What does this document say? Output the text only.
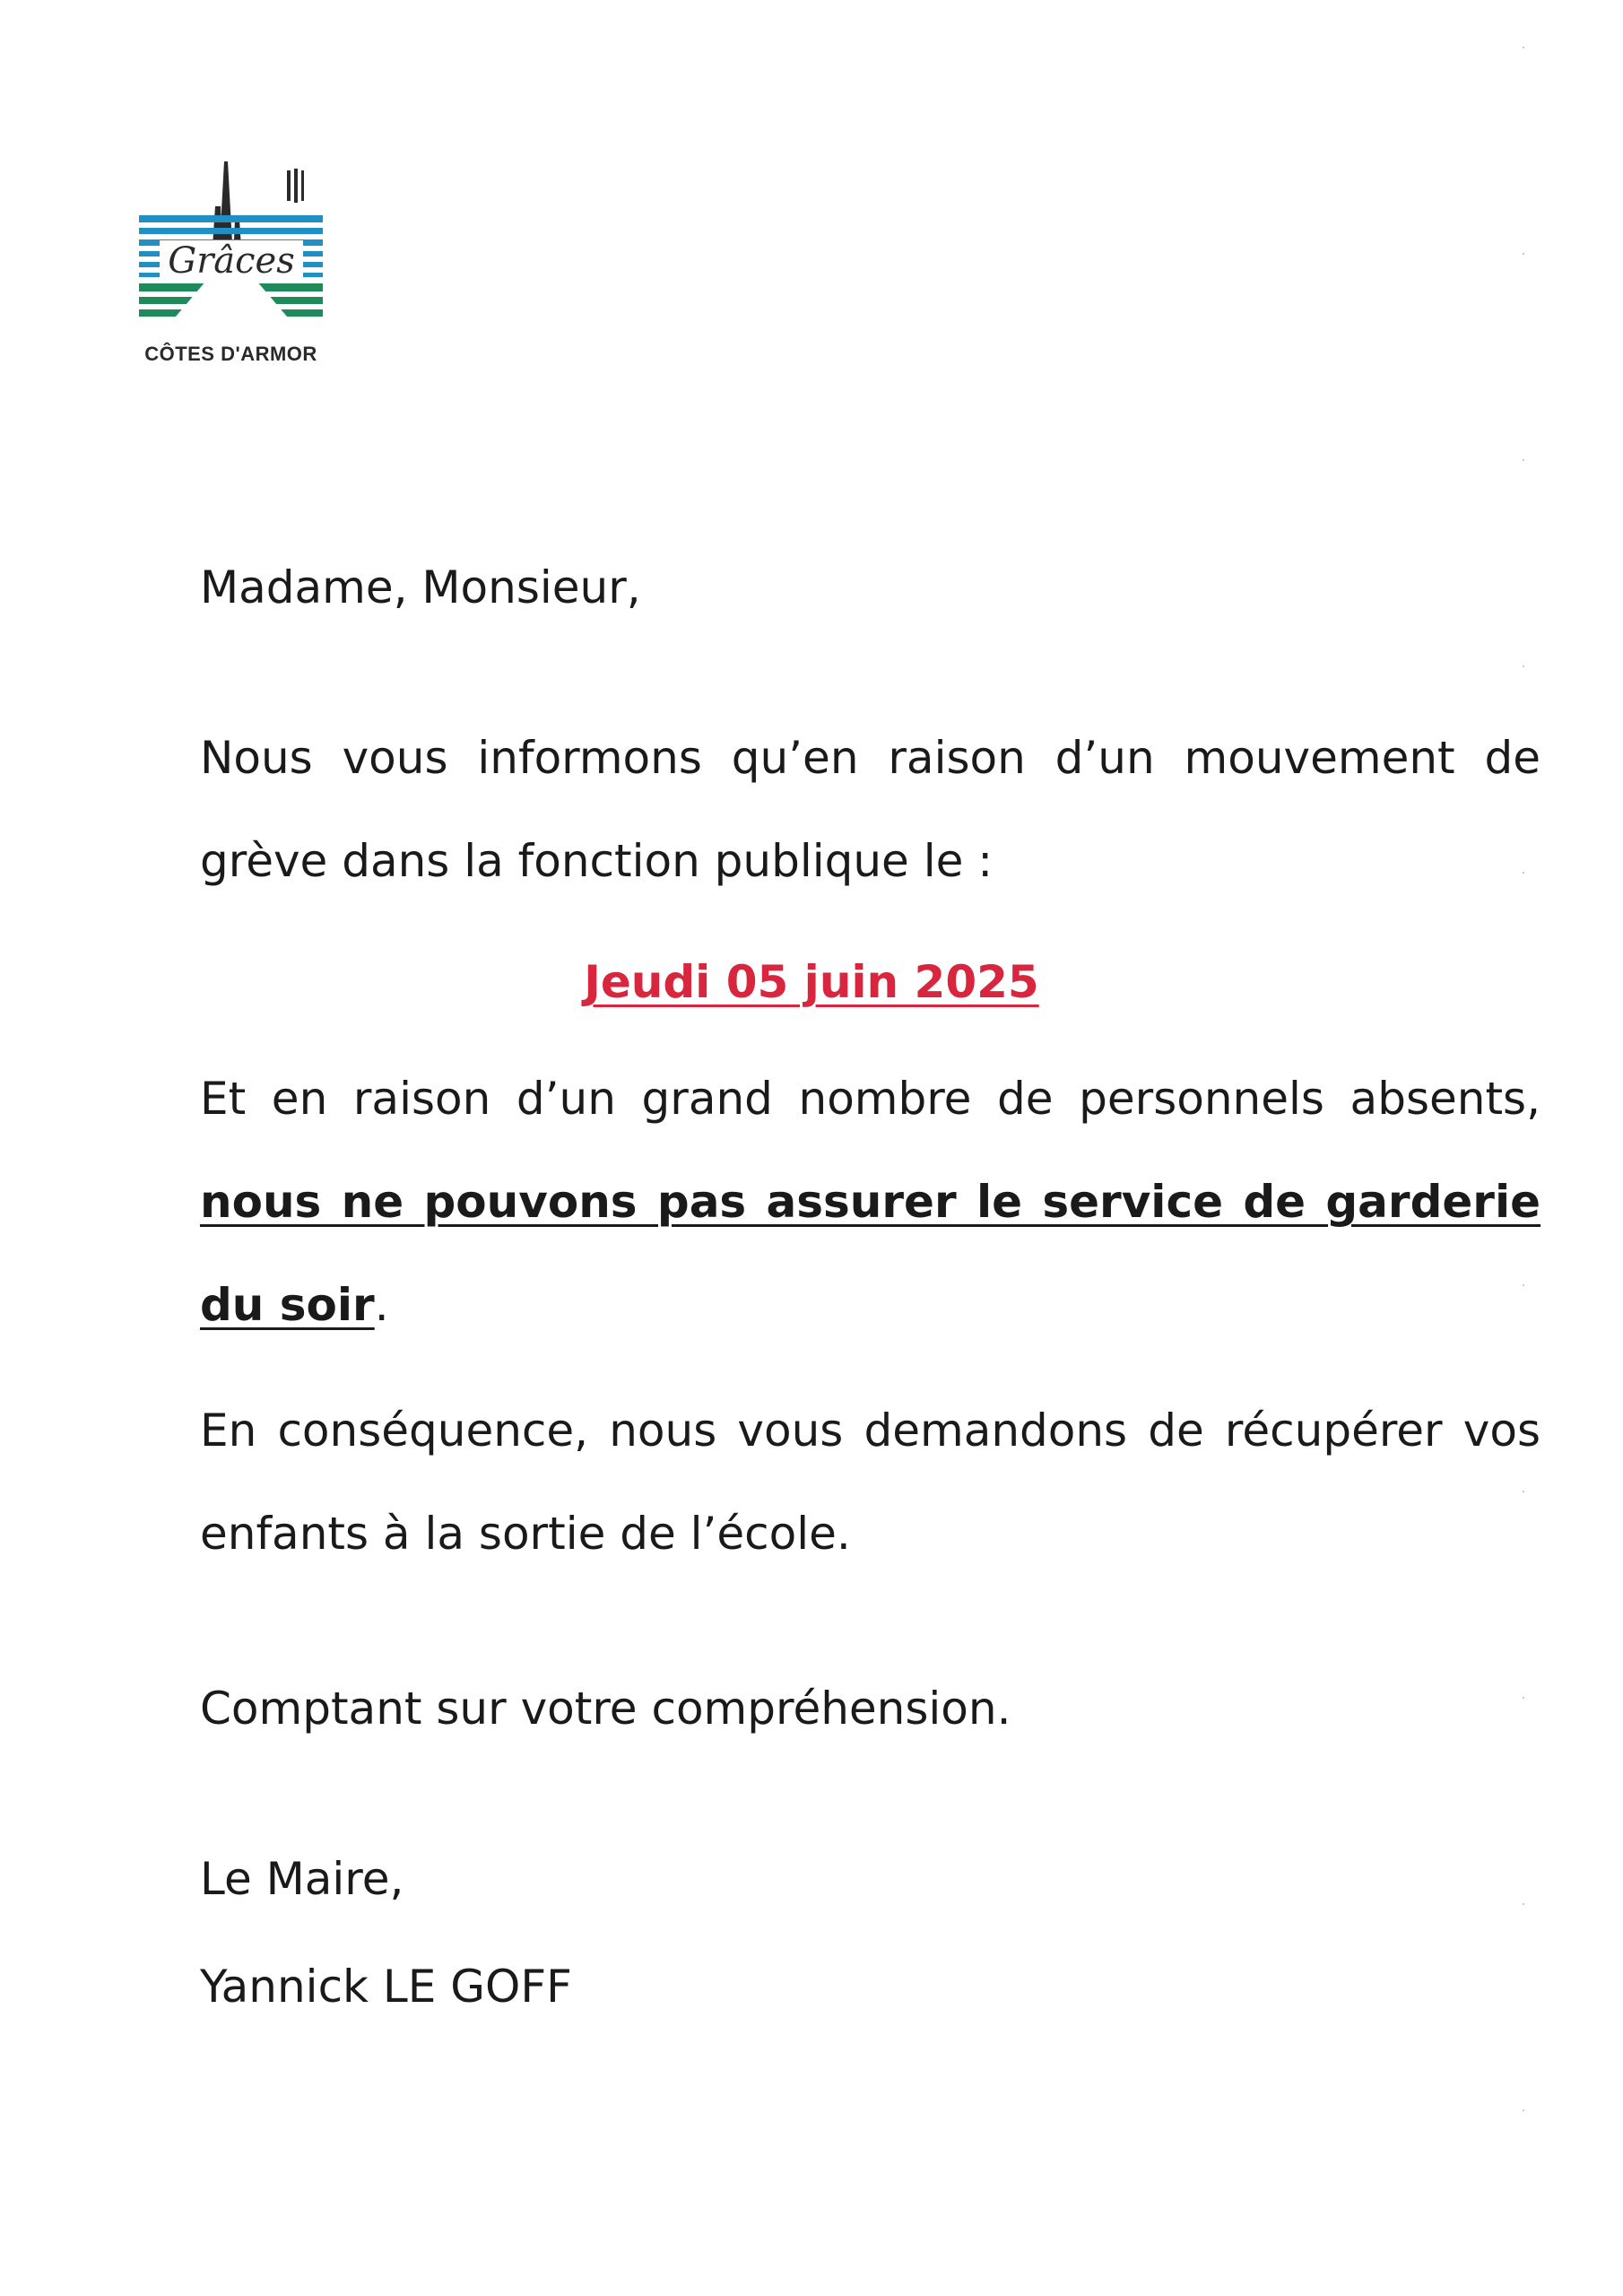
Grâces
CÔTES D'ARMOR
Madame, Monsieur,

Nous vous informons qu’en raison d’un mouvement de grève dans la fonction publique le :

Jeudi 05 juin 2025

Et en raison d’un grand nombre de personnels absents, nous ne pouvons pas assurer le service de garderie du soir.

En conséquence, nous vous demandons de récupérer vos enfants à la sortie de l’école.

Comptant sur votre compréhension.
Le Maire,
Yannick LE GOFF
